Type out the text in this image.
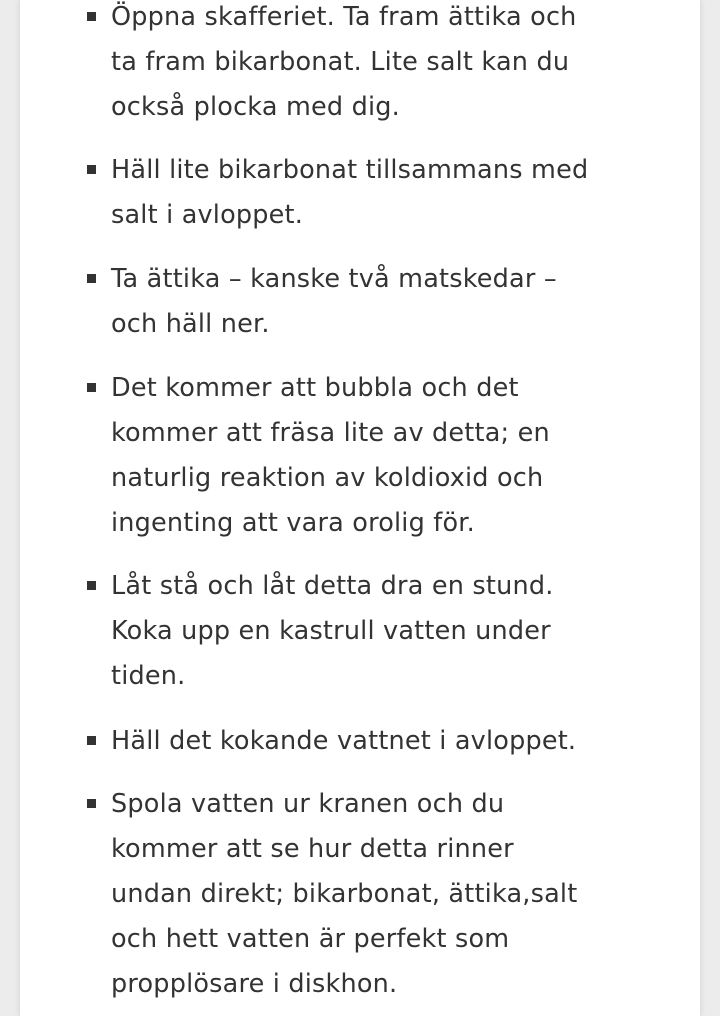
Öppna skafferiet. Ta fram ättika och
ta fram bikarbonat. Lite salt kan du
också plocka med dig.

Häll lite bikarbonat tillsammans med
salt i avloppet.

Ta ättika – kanske två matskedar –
och häll ner.

Det kommer att bubbla och det
kommer att fräsa lite av detta; en
naturlig reaktion av koldioxid och
ingenting att vara orolig för.

Låt stå och låt detta dra en stund.
Koka upp en kastrull vatten under
tiden.

Häll det kokande vattnet i avloppet.

Spola vatten ur kranen och du
kommer att se hur detta rinner
undan direkt; bikarbonat, ättika,salt
och hett vatten är perfekt som
propplösare i diskhon.
